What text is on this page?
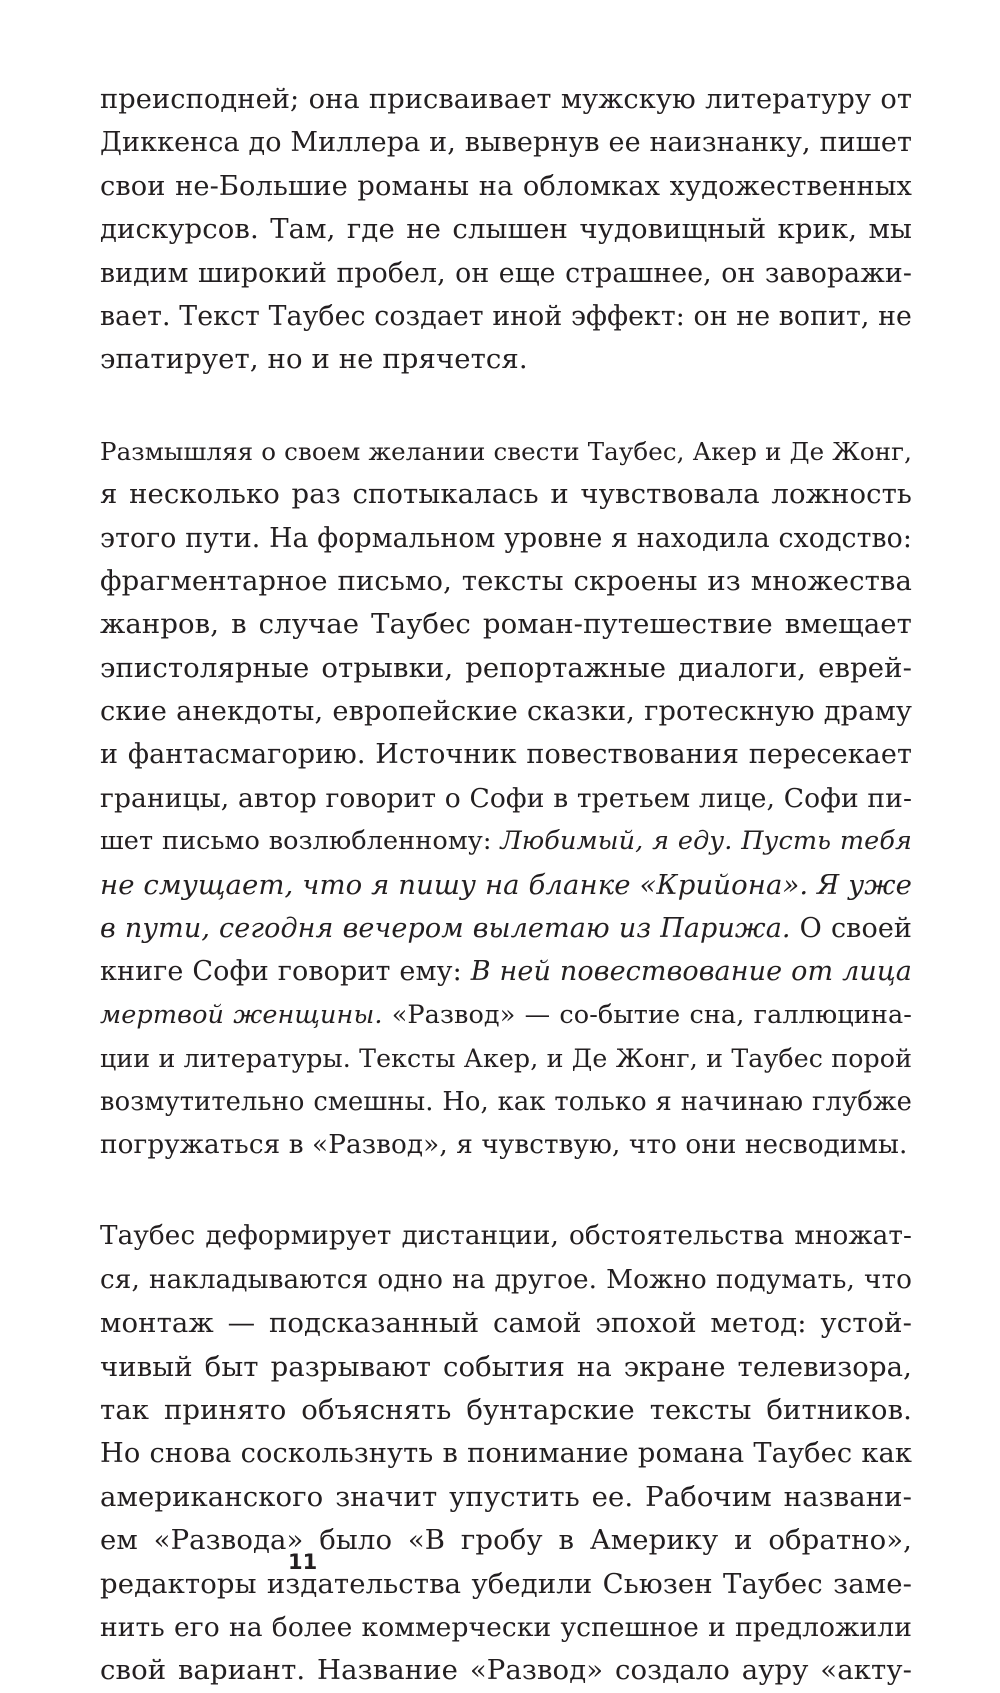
преисподней; она присваивает мужскую литературу от
Диккенса до Миллера и, вывернув ее наизнанку, пишет
свои не-Большие романы на обломках художественных
дискурсов. Там, где не слышен чудовищный крик, мы
видим широкий пробел, он еще страшнее, он заворажи-
вает. Текст Таубес создает иной эффект: он не вопит, не
эпатирует, но и не прячется.
Размышляя о своем желании свести Таубес, Акер и Де Жонг,
я несколько раз спотыкалась и чувствовала ложность
этого пути. На формальном уровне я находила сходство:
фрагментарное письмо, тексты скроены из множества
жанров, в случае Таубес роман-путешествие вмещает
эпистолярные отрывки, репортажные диалоги, еврей-
ские анекдоты, европейские сказки, гротескную драму
и фантасмагорию. Источник повествования пересекает
границы, автор говорит о Софи в третьем лице, Софи пи-
шет письмо возлюбленному: Любимый, я еду. Пусть тебя
не смущает, что я пишу на бланке «Крийона». Я уже
в пути, сегодня вечером вылетаю из Парижа. О своей
книге Софи говорит ему: В ней повествование от лица
мертвой женщины. «Развод» — со-бытие сна, галлюцина-
ции и литературы. Тексты Акер, и Де Жонг, и Таубес порой
возмутительно смешны. Но, как только я начинаю глубже
погружаться в «Развод», я чувствую, что они несводимы.
Таубес деформирует дистанции, обстоятельства множат-
ся, накладываются одно на другое. Можно подумать, что
монтаж — подсказанный самой эпохой метод: устой-
чивый быт разрывают события на экране телевизора,
так принято объяснять бунтарские тексты битников.
Но снова соскользнуть в понимание романа Таубес как
американского значит упустить ее. Рабочим названи-
ем «Развода» было «В гробу в Америку и обратно»,
редакторы издательства убедили Сьюзен Таубес заме-
нить его на более коммерчески успешное и предложили
свой вариант. Название «Развод» создало ауру «акту-
11
